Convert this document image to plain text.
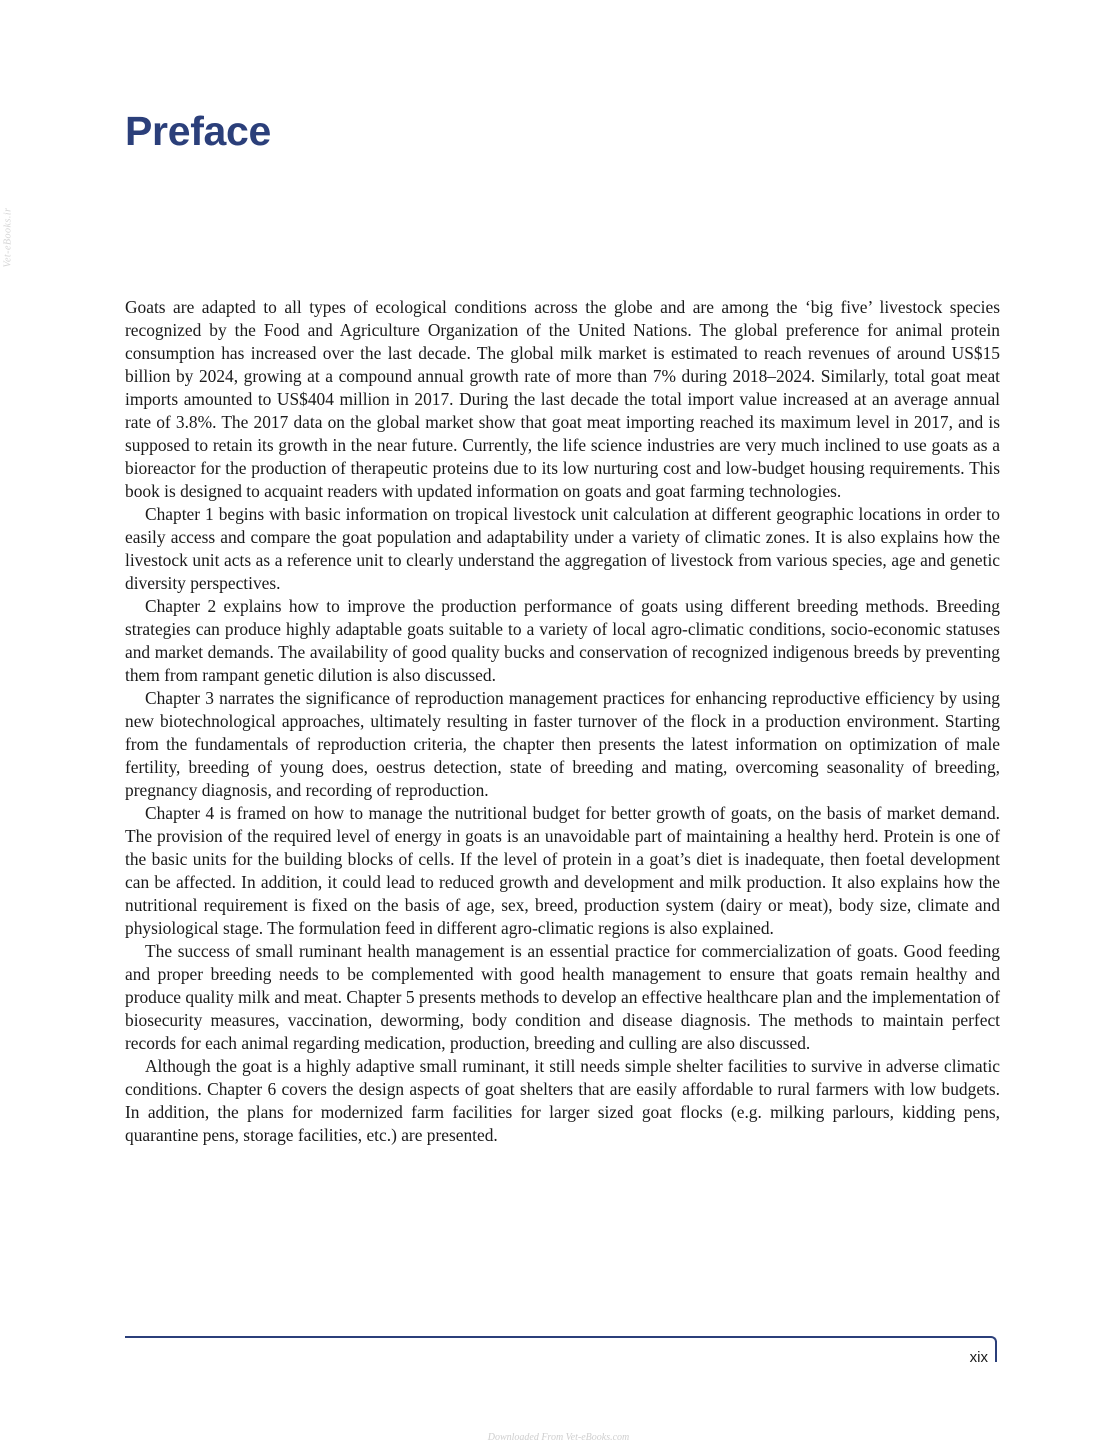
Vet-eBooks.ir
Preface

Goats are adapted to all types of ecological conditions across the globe and are among the ‘big five’ livestock species recognized by the Food and Agriculture Organization of the United Nations. The global preference for animal protein consumption has increased over the last decade. The global milk market is estimated to reach revenues of around US$15 billion by 2024, growing at a compound annual growth rate of more than 7% during 2018–2024. Similarly, total goat meat imports amounted to US$404 million in 2017. During the last decade the total import value increased at an average annual rate of 3.8%. The 2017 data on the global market show that goat meat importing reached its maximum level in 2017, and is supposed to retain its growth in the near future. Currently, the life science industries are very much inclined to use goats as a bioreactor for the production of therapeutic proteins due to its low nurturing cost and low-budget housing requirements. This book is designed to acquaint readers with updated information on goats and goat farming technologies.

Chapter 1 begins with basic information on tropical livestock unit calculation at different geographic locations in order to easily access and compare the goat population and adaptability under a variety of climatic zones. It is also explains how the livestock unit acts as a reference unit to clearly understand the aggregation of livestock from various species, age and genetic diversity perspectives.

Chapter 2 explains how to improve the production performance of goats using different breeding methods. Breeding strategies can produce highly adaptable goats suitable to a variety of local agro-climatic conditions, socio-economic statuses and market demands. The availability of good quality bucks and conservation of recognized indigenous breeds by preventing them from rampant genetic dilution is also discussed.

Chapter 3 narrates the significance of reproduction management practices for enhancing reproductive efficiency by using new biotechnological approaches, ultimately resulting in faster turnover of the flock in a production environment. Starting from the fundamentals of reproduction criteria, the chapter then presents the latest information on optimization of male fertility, breeding of young does, oestrus detection, state of breeding and mating, overcoming seasonality of breeding, pregnancy diagnosis, and recording of reproduction.

Chapter 4 is framed on how to manage the nutritional budget for better growth of goats, on the basis of market demand. The provision of the required level of energy in goats is an unavoidable part of maintaining a healthy herd. Protein is one of the basic units for the building blocks of cells. If the level of protein in a goat’s diet is inadequate, then foetal development can be affected. In addition, it could lead to reduced growth and development and milk production. It also explains how the nutritional requirement is fixed on the basis of age, sex, breed, production system (dairy or meat), body size, climate and physiological stage. The formulation feed in different agro-climatic regions is also explained.

The success of small ruminant health management is an essential practice for commercialization of goats. Good feeding and proper breeding needs to be complemented with good health management to ensure that goats remain healthy and produce quality milk and meat. Chapter 5 presents methods to develop an effective healthcare plan and the implementation of biosecurity measures, vaccination, deworming, body condition and disease diagnosis. The methods to maintain perfect records for each animal regarding medication, production, breeding and culling are also discussed.

Although the goat is a highly adaptive small ruminant, it still needs simple shelter facilities to survive in adverse climatic conditions. Chapter 6 covers the design aspects of goat shelters that are easily affordable to rural farmers with low budgets. In addition, the plans for modernized farm facilities for larger sized goat flocks (e.g. milking parlours, kidding pens, quarantine pens, storage facilities, etc.) are presented.

xix
Downloaded From Vet-eBooks.com
